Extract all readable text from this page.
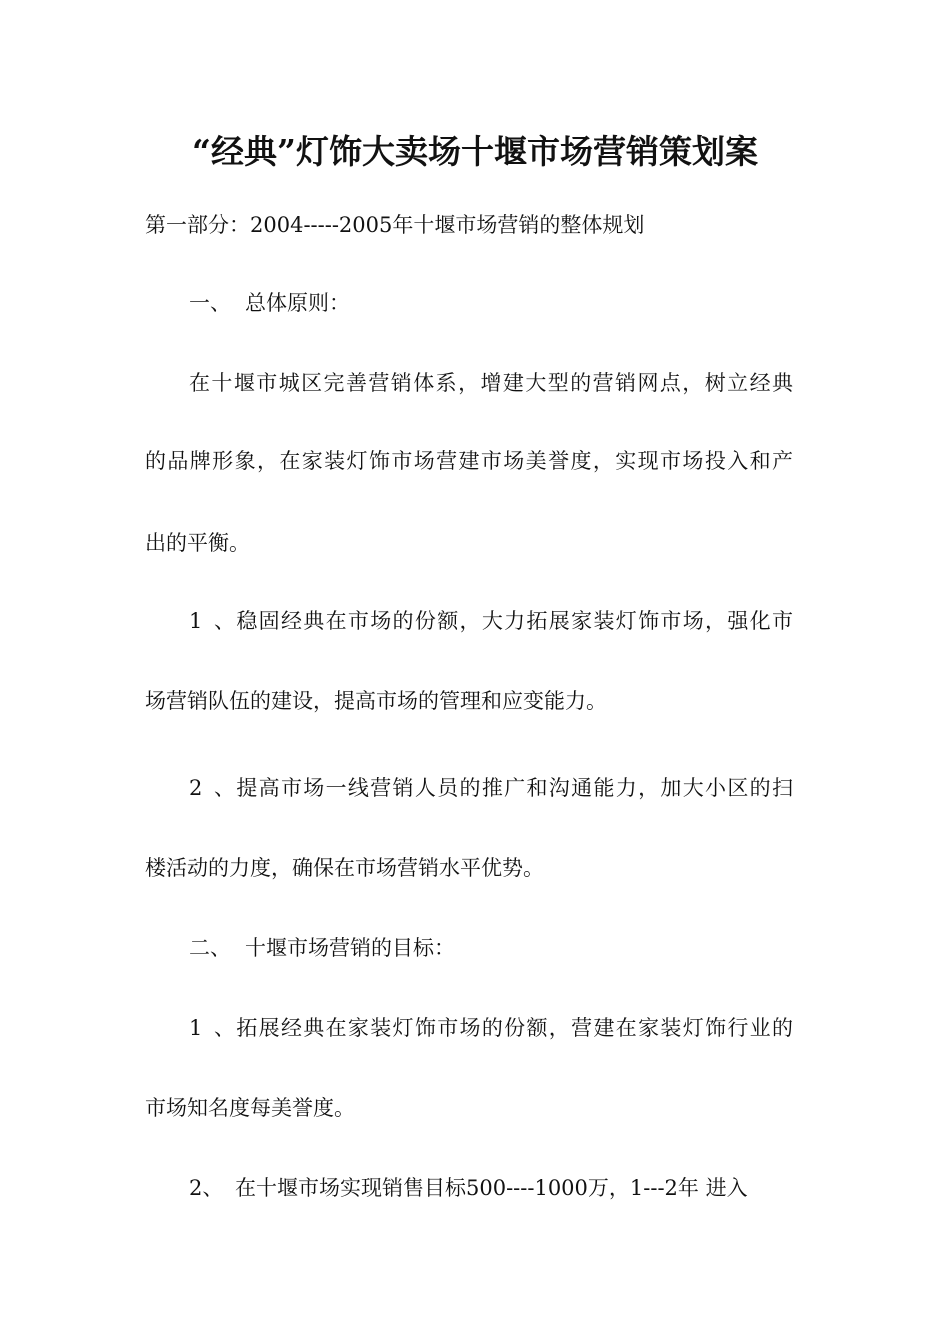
“经典”灯饰大卖场十堰市场营销策划案
第一部分：2004-----2005年十堰市场营销的整体规划
一、 总体原则：
在十堰市城区完善营销体系，增建大型的营销网点，树立经典
的品牌形象，在家装灯饰市场营建市场美誉度，实现市场投入和产
出的平衡。
1、稳固经典在市场的份额，大力拓展家装灯饰市场，强化市
场营销队伍的建设，提高市场的管理和应变能力。
2、提高市场一线营销人员的推广和沟通能力，加大小区的扫
楼活动的力度，确保在市场营销水平优势。
二、 十堰市场营销的目标：
1、拓展经典在家装灯饰市场的份额，营建在家装灯饰行业的
市场知名度每美誉度。
2、 在十堰市场实现销售目标500----1000万，1---2年 进入
